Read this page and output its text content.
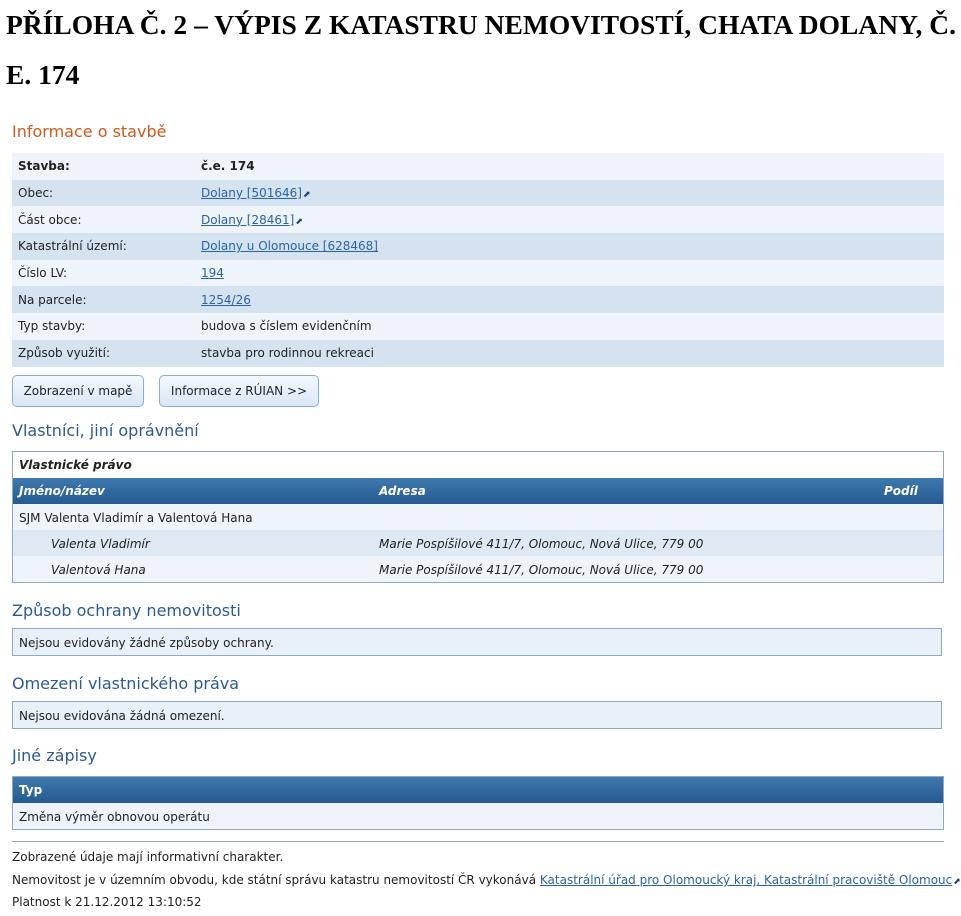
PŘÍLOHA Č. 2 – VÝPIS Z KATASTRU NEMOVITOSTÍ, CHATA DOLANY, Č. E. 174
Informace o stavbě
Stavba:	č.e. 174
Obec:	Dolany [501646]⬈
Část obce:	Dolany [28461]⬈
Katastrální území:	Dolany u Olomouce [628468]
Číslo LV:	194
Na parcele:	1254/26
Typ stavby:	budova s číslem evidenčním
Způsob využití:	stavba pro rodinnou rekreaci
Zobrazení v mapě	Informace z RÚIAN >>
Vlastníci, jiní oprávnění
Vlastnické právo
Jméno/název	Adresa	Podíl
SJM Valenta Vladimír a Valentová Hana
Valenta Vladimír	Marie Pospíšilové 411/7, Olomouc, Nová Ulice, 779 00
Valentová Hana	Marie Pospíšilové 411/7, Olomouc, Nová Ulice, 779 00
Způsob ochrany nemovitosti
Nejsou evidovány žádné způsoby ochrany.
Omezení vlastnického práva
Nejsou evidována žádná omezení.
Jiné zápisy
Typ
Změna výměr obnovou operátu
Zobrazené údaje mají informativní charakter.
Nemovitost je v územním obvodu, kde státní správu katastru nemovitostí ČR vykonává Katastrální úřad pro Olomoucký kraj, Katastrální pracoviště Olomouc⬈
Platnost k 21.12.2012 13:10:52
